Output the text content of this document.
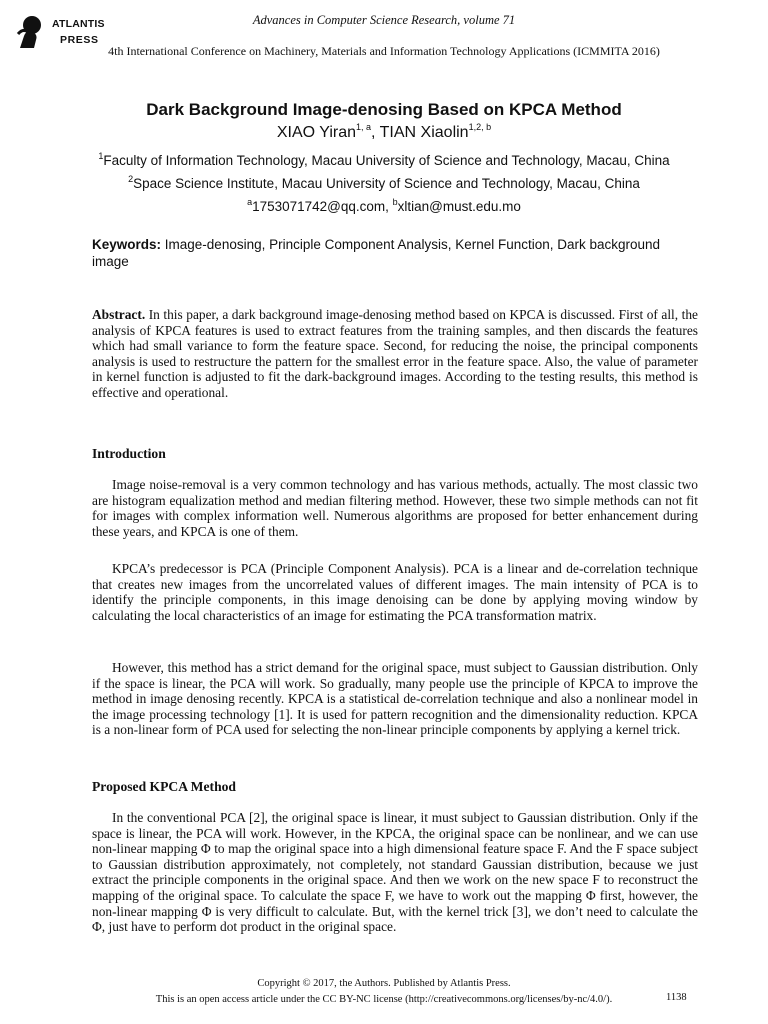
ATLANTIS
PRESS
Advances in Computer Science Research, volume 71
4th International Conference on Machinery, Materials and Information Technology Applications (ICMMITA 2016)
Dark Background Image-denosing Based on KPCA Method
XIAO Yiran$^{1, a}$, TIAN Xiaolin$^{1,2, b}$
$^1$Faculty of Information Technology, Macau University of Science and Technology, Macau, China
$^2$Space Science Institute, Macau University of Science and Technology, Macau, China
$^a$1753071742@qq.com, $^b$xltian@must.edu.mo
Keywords: Image-denosing, Principle Component Analysis, Kernel Function, Dark background image
Abstract. In this paper, a dark background image-denosing method based on KPCA is discussed. First of all, the analysis of KPCA features is used to extract features from the training samples, and then discards the features which had small variance to form the feature space. Second, for reducing the noise, the principal components analysis is used to restructure the pattern for the smallest error in the feature space. Also, the value of parameter in kernel function is adjusted to fit the dark-background images. According to the testing results, this method is effective and operational.
Introduction
Image noise-removal is a very common technology and has various methods, actually. The most classic two are histogram equalization method and median filtering method. However, these two simple methods can not fit for images with complex information well. Numerous algorithms are proposed for better enhancement during these years, and KPCA is one of them.
KPCA’s predecessor is PCA (Principle Component Analysis). PCA is a linear and de-correlation technique that creates new images from the uncorrelated values of different images. The main intensity of PCA is to identify the principle components, in this image denoising can be done by applying moving window by calculating the local characteristics of an image for estimating the PCA transformation matrix.
However, this method has a strict demand for the original space, must subject to Gaussian distribution. Only if the space is linear, the PCA will work. So gradually, many people use the principle of KPCA to improve the method in image denosing recently. KPCA is a statistical de-correlation technique and also a nonlinear model in the image processing technology [1]. It is used for pattern recognition and the dimensionality reduction. KPCA is a non-linear form of PCA used for selecting the non-linear principle components by applying a kernel trick.
Proposed KPCA Method
In the conventional PCA [2], the original space is linear, it must subject to Gaussian distribution. Only if the space is linear, the PCA will work. However, in the KPCA, the original space can be nonlinear, and we can use non-linear mapping Φ to map the original space into a high dimensional feature space F. And the F space subject to Gaussian distribution approximately, not completely, not standard Gaussian distribution, because we just extract the principle components in the original space. And then we work on the new space F to reconstruct the mapping of the original space. To calculate the space F, we have to work out the mapping Φ first, however, the non-linear mapping Φ is very difficult to calculate. But, with the kernel trick [3], we don’t need to calculate the Φ, just have to perform dot product in the original space.
Copyright © 2017, the Authors. Published by Atlantis Press.
This is an open access article under the CC BY-NC license (http://creativecommons.org/licenses/by-nc/4.0/).	1138
